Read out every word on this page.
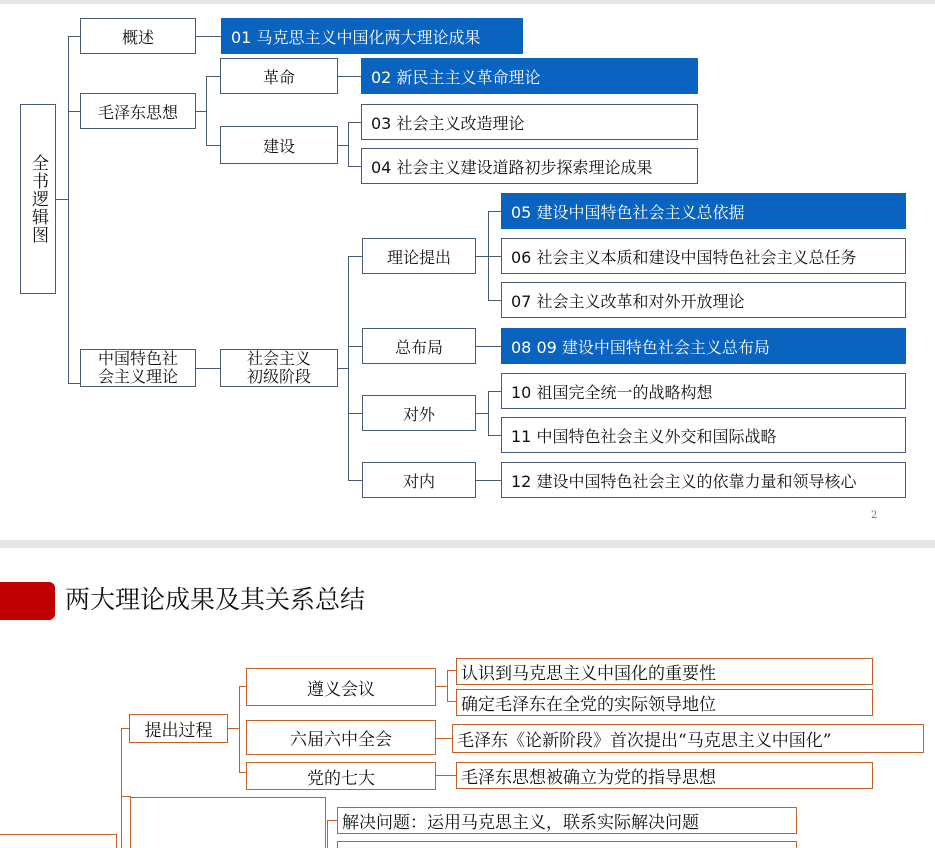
全书逻辑图
概述
毛泽东思想
中国特色社会主义理论
革命
建设
社会主义初级阶段
理论提出
总布局
对外
对内
01 马克思主义中国化两大理论成果
02 新民主主义革命理论
03 社会主义改造理论
04 社会主义建设道路初步探索理论成果
05 建设中国特色社会主义总依据
06 社会主义本质和建设中国特色社会主义总任务
07 社会主义改革和对外开放理论
08 09 建设中国特色社会主义总布局
10 祖国完全统一的战略构想
11 中国特色社会主义外交和国际战略
12 建设中国特色社会主义的依靠力量和领导核心
2
两大理论成果及其关系总结
提出过程
遵义会议
六届六中全会
党的七大
认识到马克思主义中国化的重要性
确定毛泽东在全党的实际领导地位
毛泽东《论新阶段》首次提出“马克思主义中国化”
毛泽东思想被确立为党的指导思想
解决问题：运用马克思主义，联系实际解决问题
